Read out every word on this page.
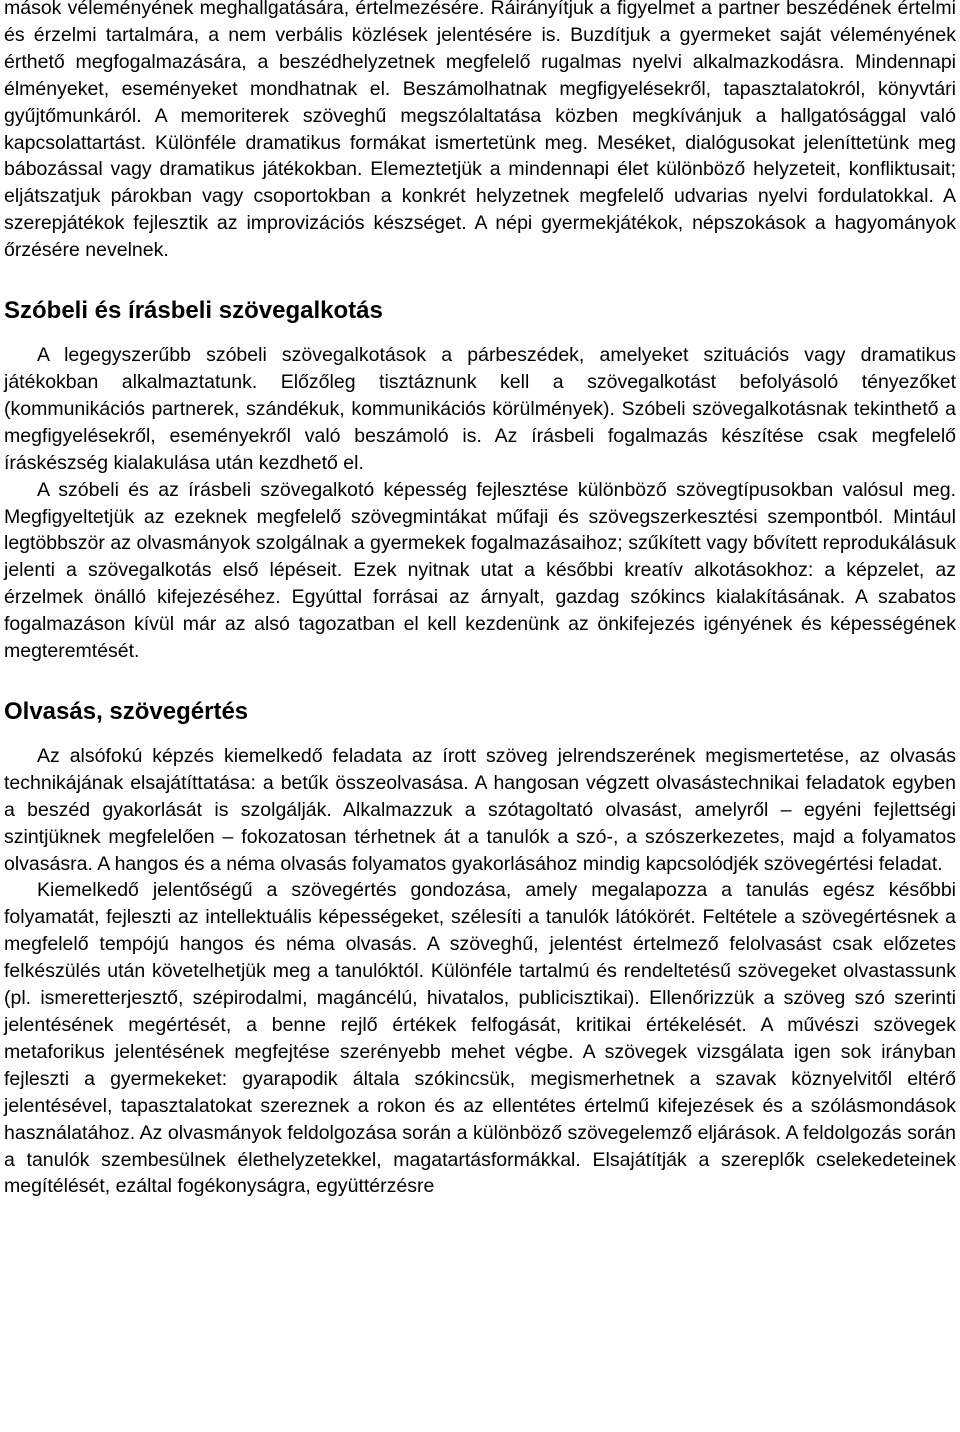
mások véleményének meghallgatására, értelmezésére. Ráirányítjuk a figyelmet a partner beszédének értelmi és érzelmi tartalmára, a nem verbális közlések jelentésére is. Buzdítjuk a gyermeket saját véleményének érthető megfogalmazására, a beszédhelyzetnek megfelelő rugalmas nyelvi alkalmazkodásra. Mindennapi élményeket, eseményeket mondhatnak el. Beszámolhatnak megfigyelésekről, tapasztalatokról, könyvtári gyűjtőmunkáról. A memoriterek szöveghű megszólaltatása közben megkívánjuk a hallgatósággal való kapcsolattartást. Különféle dramatikus formákat ismertetünk meg. Meséket, dialógusokat jeleníttetünk meg bábozással vagy dramatikus játékokban. Elemeztetjük a mindennapi élet különböző helyzeteit, konfliktusait; eljátszatjuk párokban vagy csoportokban a konkrét helyzetnek megfelelő udvarias nyelvi fordulatokkal. A szerepjátékok fejlesztik az improvizációs készséget. A népi gyermekjátékok, népszokások a hagyományok őrzésére nevelnek.

Szóbeli és írásbeli szövegalkotás

A legegyszerűbb szóbeli szövegalkotások a párbeszédek, amelyeket szituációs vagy dramatikus játékokban alkalmaztatunk. Előzőleg tisztáznunk kell a szövegalkotást befolyásoló tényezőket (kommunikációs partnerek, szándékuk, kommunikációs körülmények). Szóbeli szövegalkotásnak tekinthető a megfigyelésekről, eseményekről való beszámoló is. Az írásbeli fogalmazás készítése csak megfelelő íráskészség kialakulása után kezdhető el.

A szóbeli és az írásbeli szövegalkotó képesség fejlesztése különböző szövegtípusokban valósul meg. Megfigyeltetjük az ezeknek megfelelő szövegmintákat műfaji és szövegszerkesztési szempontból. Mintául legtöbbször az olvasmányok szolgálnak a gyermekek fogalmazásaihoz; szűkített vagy bővített reprodukálásuk jelenti a szövegalkotás első lépéseit. Ezek nyitnak utat a későbbi kreatív alkotásokhoz: a képzelet, az érzelmek önálló kifejezéséhez. Egyúttal forrásai az árnyalt, gazdag szókincs kialakításának. A szabatos fogalmazáson kívül már az alsó tagozatban el kell kezdenünk az önkifejezés igényének és képességének megteremtését.

Olvasás, szövegértés

Az alsófokú képzés kiemelkedő feladata az írott szöveg jelrendszerének megismertetése, az olvasás technikájának elsajátíttatása: a betűk összeolvasása. A hangosan végzett olvasástechnikai feladatok egyben a beszéd gyakorlását is szolgálják. Alkalmazzuk a szótagoltató olvasást, amelyről – egyéni fejlettségi szintjüknek megfelelően – fokozatosan térhetnek át a tanulók a szó-, a szószerkezetes, majd a folyamatos olvasásra. A hangos és a néma olvasás folyamatos gyakorlásához mindig kapcsolódjék szövegértési feladat.

Kiemelkedő jelentőségű a szövegértés gondozása, amely megalapozza a tanulás egész későbbi folyamatát, fejleszti az intellektuális képességeket, szélesíti a tanulók látókörét. Feltétele a szövegértésnek a megfelelő tempójú hangos és néma olvasás. A szöveghű, jelentést értelmező felolvasást csak előzetes felkészülés után követelhetjük meg a tanulóktól. Különféle tartalmú és rendeltetésű szövegeket olvastassunk (pl. ismeretterjesztő, szépirodalmi, magáncélú, hivatalos, publicisztikai). Ellenőrizzük a szöveg szó szerinti jelentésének megértését, a benne rejlő értékek felfogását, kritikai értékelését. A művészi szövegek metaforikus jelentésének megfejtése szerényebb mehet végbe. A szövegek vizsgálata igen sok irányban fejleszti a gyermekeket: gyarapodik általa szókincsük, megismerhetnek a szavak köznyelvitől eltérő jelentésével, tapasztalatokat szereznek a rokon és az ellentétes értelmű kifejezések és a szólásmondások használatához. Az olvasmányok feldolgozása során a különböző szövegelemző eljárások. A feldolgozás során a tanulók szembesülnek élethelyzetekkel, magatartásformákkal. Elsajátítják a szereplők cselekedeteinek megítélését, ezáltal fogékonyságra, együttérzésre
